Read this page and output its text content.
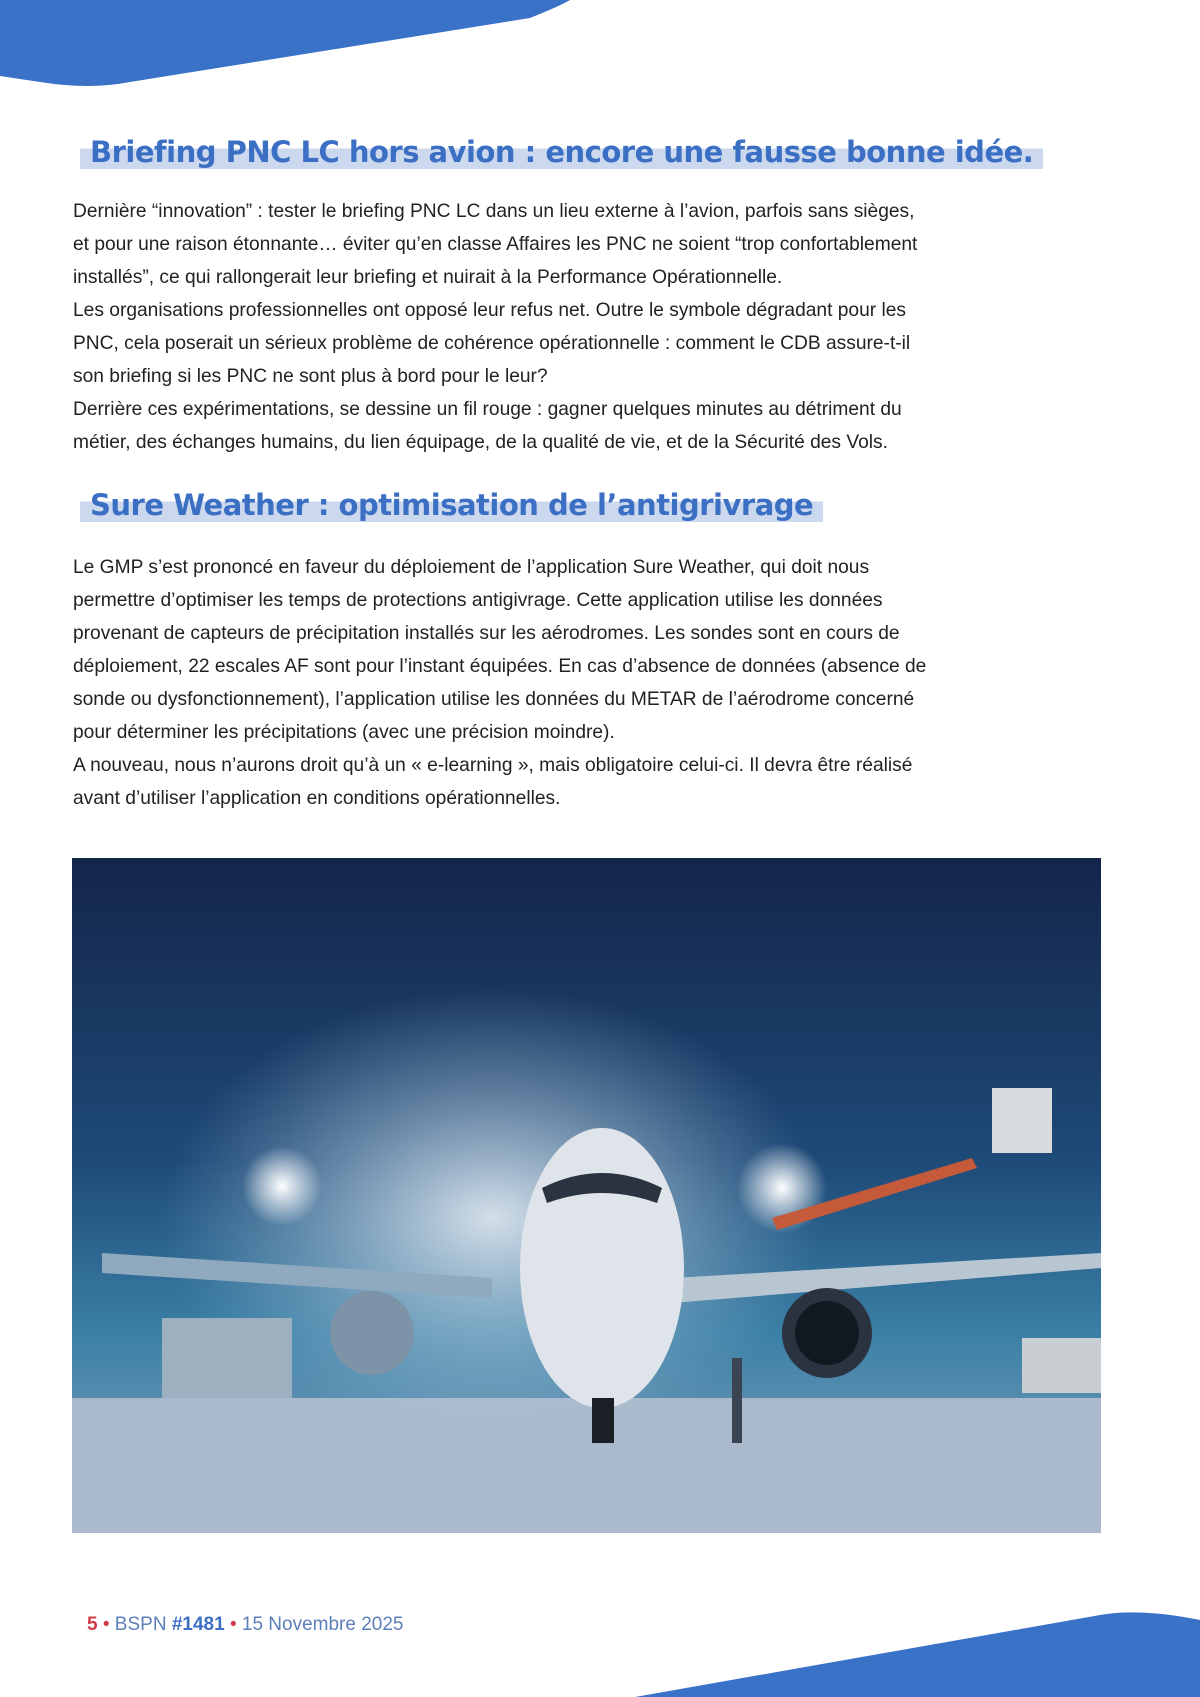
Briefing PNC LC hors avion : encore une fausse bonne idée.
Dernière “innovation” : tester le briefing PNC LC dans un lieu externe à l’avion, parfois sans sièges,
et pour une raison étonnante… éviter qu’en classe Affaires les PNC ne soient “trop confortablement
installés”, ce qui rallongerait leur briefing et nuirait à la Performance Opérationnelle.
Les organisations professionnelles ont opposé leur refus net. Outre le symbole dégradant pour les
PNC, cela poserait un sérieux problème de cohérence opérationnelle : comment le CDB assure-t-il
son briefing si les PNC ne sont plus à bord pour le leur?
Derrière ces expérimentations, se dessine un fil rouge : gagner quelques minutes au détriment du
métier, des échanges humains, du lien équipage, de la qualité de vie, et de la Sécurité des Vols.
Sure Weather : optimisation de l’antigrivrage
Le GMP s’est prononcé en faveur du déploiement de l’application Sure Weather, qui doit nous
permettre d’optimiser les temps de protections antigivrage. Cette application utilise les données
provenant de capteurs de précipitation installés sur les aérodromes. Les sondes sont en cours de
déploiement, 22 escales AF sont pour l’instant équipées. En cas d’absence de données (absence de
sonde ou dysfonctionnement), l’application utilise les données du METAR de l’aérodrome concerné
pour déterminer les précipitations (avec une précision moindre).
A nouveau, nous n’aurons droit qu’à un « e-learning », mais obligatoire celui-ci. Il devra être réalisé
avant d’utiliser l’application en conditions opérationnelles.
5 • BSPN #1481 • 15 Novembre 2025
